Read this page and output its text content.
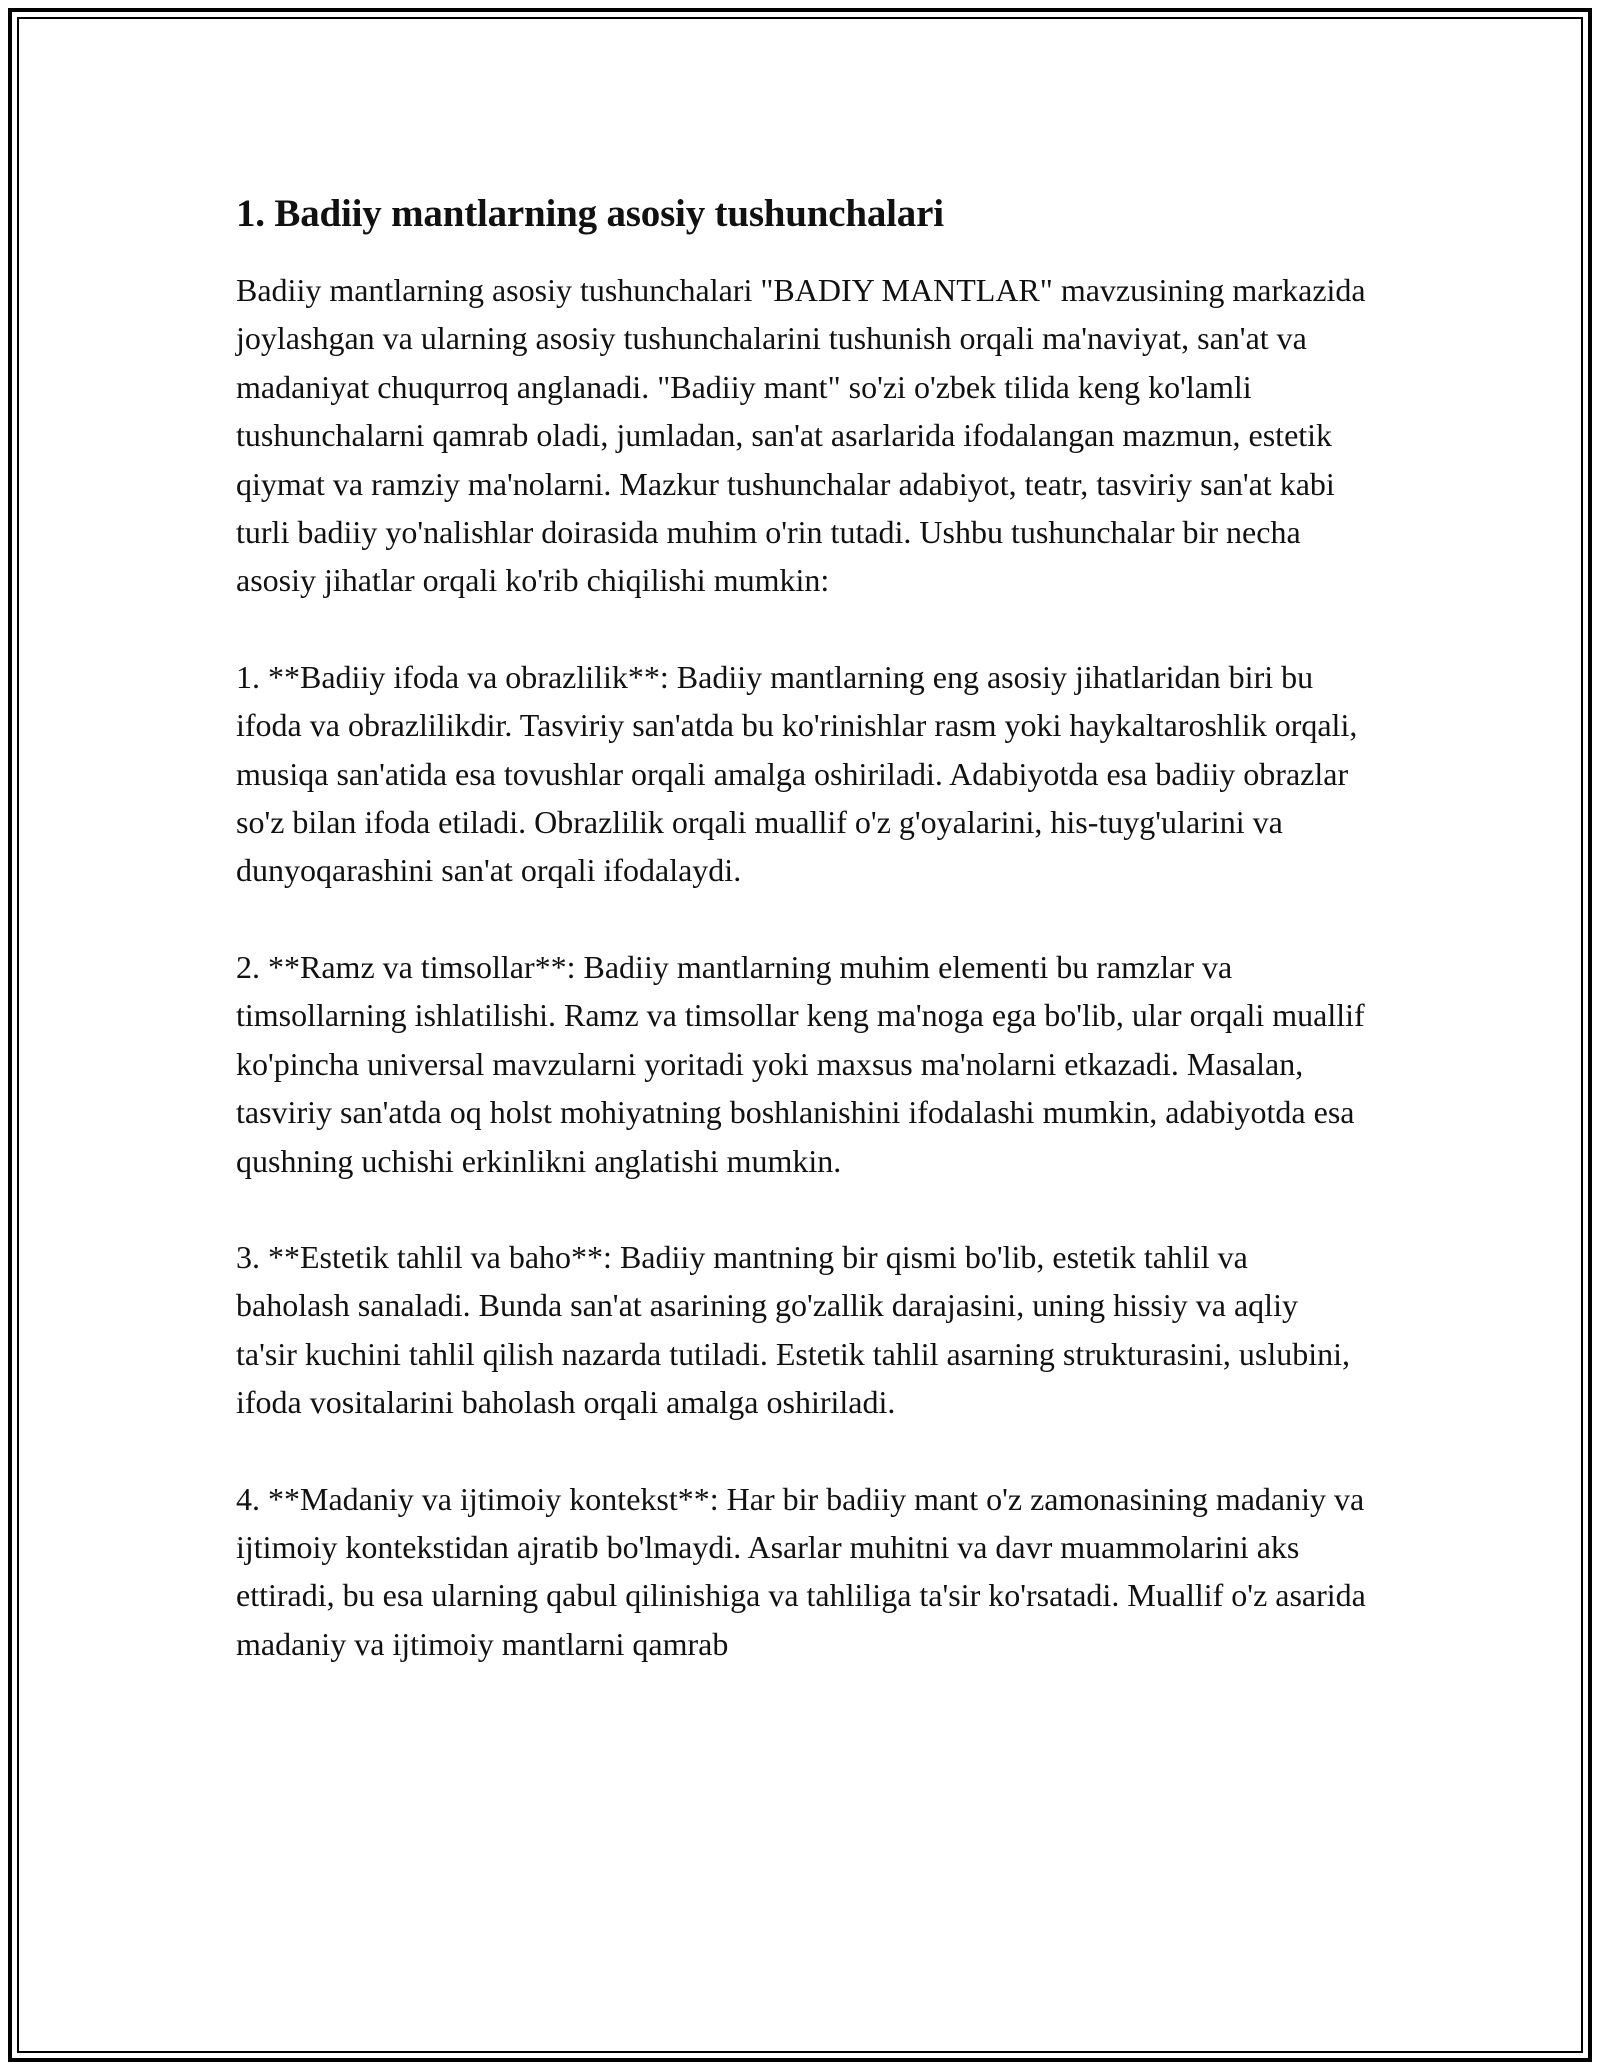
1. Badiiy mantlarning asosiy tushunchalari

Badiiy mantlarning asosiy tushunchalari "BADIY MANTLAR" mavzusining markazida joylashgan va ularning asosiy tushunchalarini tushunish orqali ma'naviyat, san'at va madaniyat chuqurroq anglanadi. "Badiiy mant" so'zi o'zbek tilida keng ko'lamli tushunchalarni qamrab oladi, jumladan, san'at asarlarida ifodalangan mazmun, estetik qiymat va ramziy ma'nolarni. Mazkur tushunchalar adabiyot, teatr, tasviriy san'at kabi turli badiiy yo'nalishlar doirasida muhim o'rin tutadi. Ushbu tushunchalar bir necha asosiy jihatlar orqali ko'rib chiqilishi mumkin:

1. **Badiiy ifoda va obrazlilik**: Badiiy mantlarning eng asosiy jihatlaridan biri bu ifoda va obrazlilikdir. Tasviriy san'atda bu ko'rinishlar rasm yoki haykaltaroshlik orqali, musiqa san'atida esa tovushlar orqali amalga oshiriladi. Adabiyotda esa badiiy obrazlar so'z bilan ifoda etiladi. Obrazlilik orqali muallif o'z g'oyalarini, his-tuyg'ularini va dunyoqarashini san'at orqali ifodalaydi.

2. **Ramz va timsollar**: Badiiy mantlarning muhim elementi bu ramzlar va timsollarning ishlatilishi. Ramz va timsollar keng ma'noga ega bo'lib, ular orqali muallif ko'pincha universal mavzularni yoritadi yoki maxsus ma'nolarni etkazadi. Masalan, tasviriy san'atda oq holst mohiyatning boshlanishini ifodalashi mumkin, adabiyotda esa qushning uchishi erkinlikni anglatishi mumkin.

3. **Estetik tahlil va baho**: Badiiy mantning bir qismi bo'lib, estetik tahlil va baholash sanaladi. Bunda san'at asarining go'zallik darajasini, uning hissiy va aqliy ta'sir kuchini tahlil qilish nazarda tutiladi. Estetik tahlil asarning strukturasini, uslubini, ifoda vositalarini baholash orqali amalga oshiriladi.

4. **Madaniy va ijtimoiy kontekst**: Har bir badiiy mant o'z zamonasining madaniy va ijtimoiy kontekstidan ajratib bo'lmaydi. Asarlar muhitni va davr muammolarini aks ettiradi, bu esa ularning qabul qilinishiga va tahliliga ta'sir ko'rsatadi. Muallif o'z asarida madaniy va ijtimoiy mantlarni qamrab
